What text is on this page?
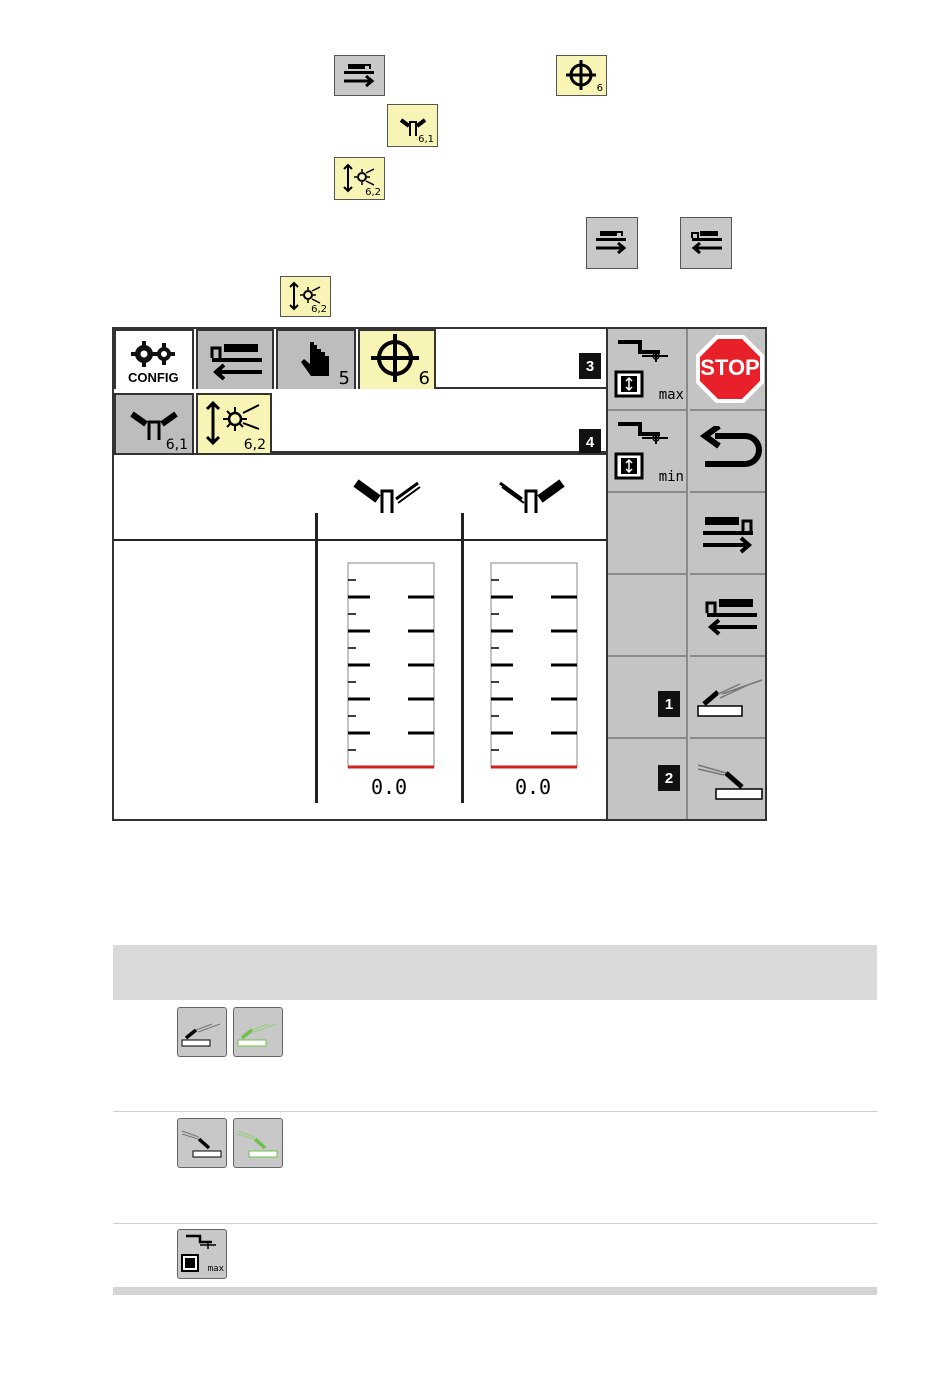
6
6,1
6,2
6,2
CONFIG	5	6
3
6,1	6,2	4
0.0	0.0
max
STOP
min
1
2
max
